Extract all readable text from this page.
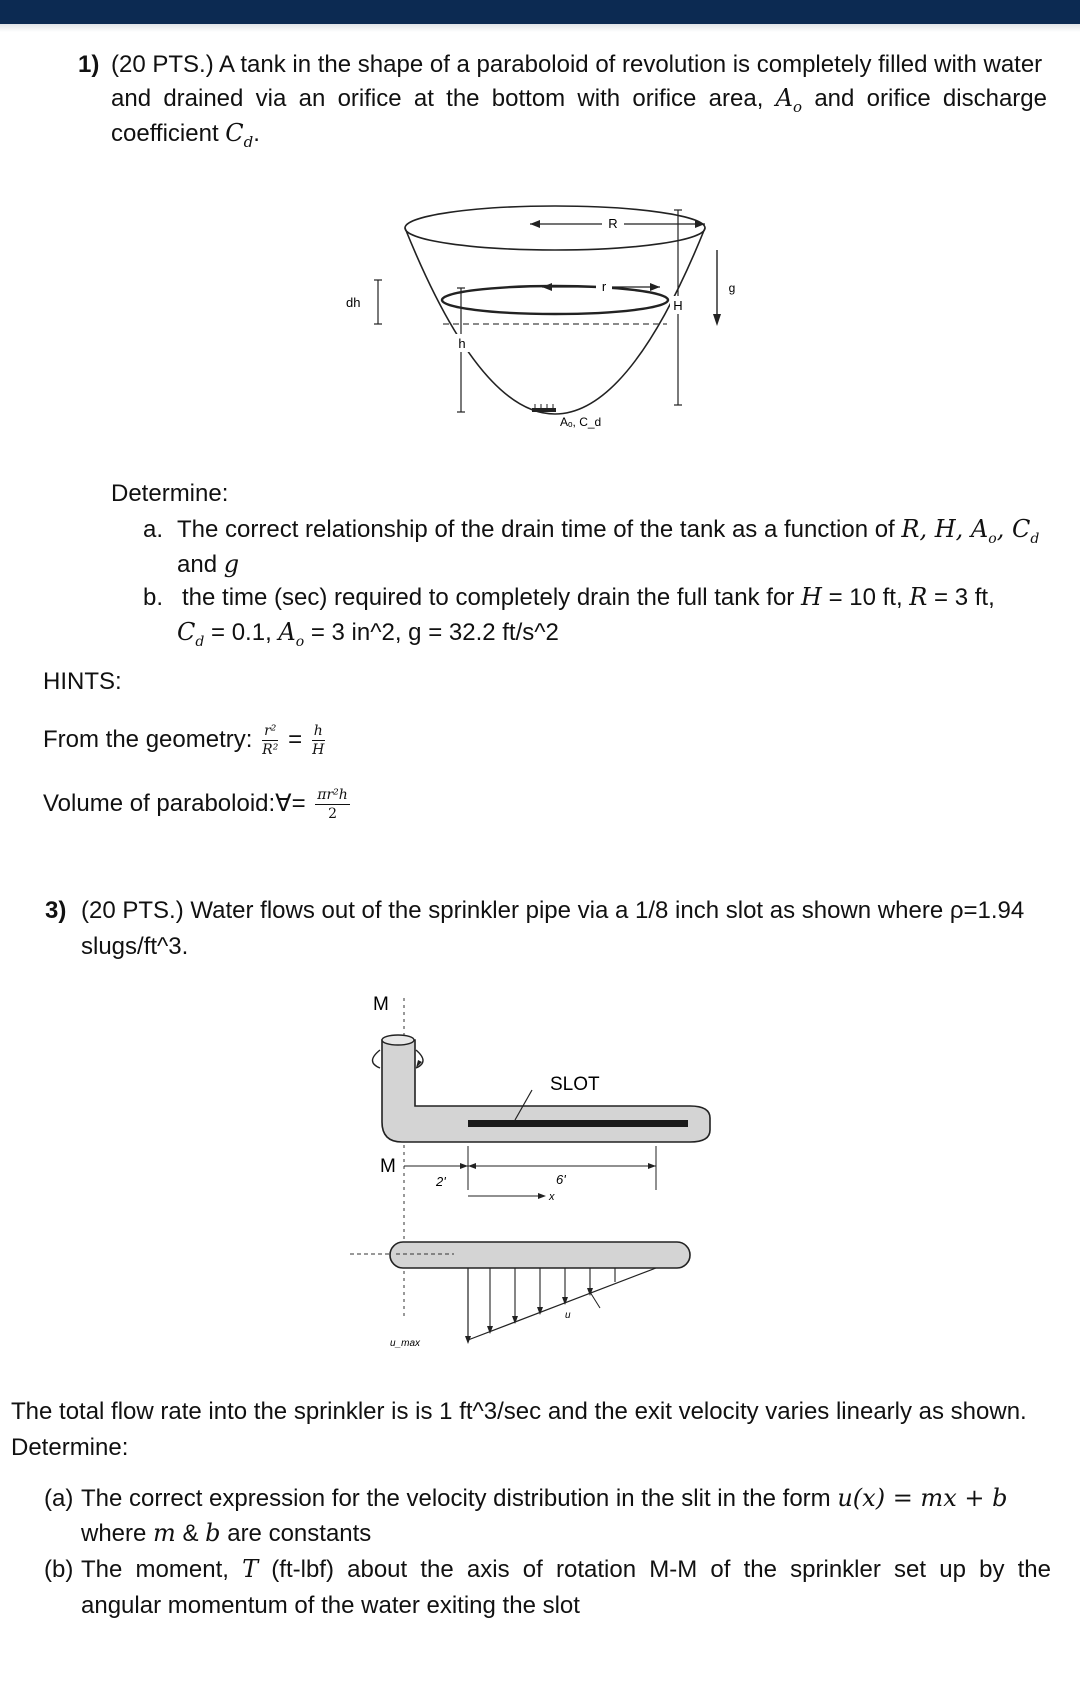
1) (20 PTS.) A tank in the shape of a paraboloid of revolution is completely filled with water
and drained via an orifice at the bottom with orifice area, $A_o$ and orifice discharge
coefficient $C_d$.
R
r
H
g
dh
h
Aₒ, C_d
Determine:
a. The correct relationship of the drain time of the tank as a function of R, H, $A_o$, $C_d$
and g
b. the time (sec) required to completely drain the full tank for H = 10 ft, R = 3 ft,
$C_d = 0.1$, $A_o = 3$ in^2, g = 32.2 ft/s^2
HINTS:
From the geometry: $\frac{\text{r²}}{\text{R²}} = \frac{h}{H}$
Volume of paraboloid:∀= $\frac{\text{πr²h}}{2}$
3) (20 PTS.) Water flows out of the sprinkler pipe via a 1/8 inch slot as shown where ρ=1.94
slugs/ft^3.
M
SLOT
M
2'	6'
x
u
u_max
The total flow rate into the sprinkler is is 1 ft^3/sec and the exit velocity varies linearly as shown.
Determine:
(a) The correct expression for the velocity distribution in the slit in the form u(x) = mx + b
where m & b are constants
(b) The moment, T (ft-lbf) about the axis of rotation M-M of the sprinkler set up by the
angular momentum of the water exiting the slot
